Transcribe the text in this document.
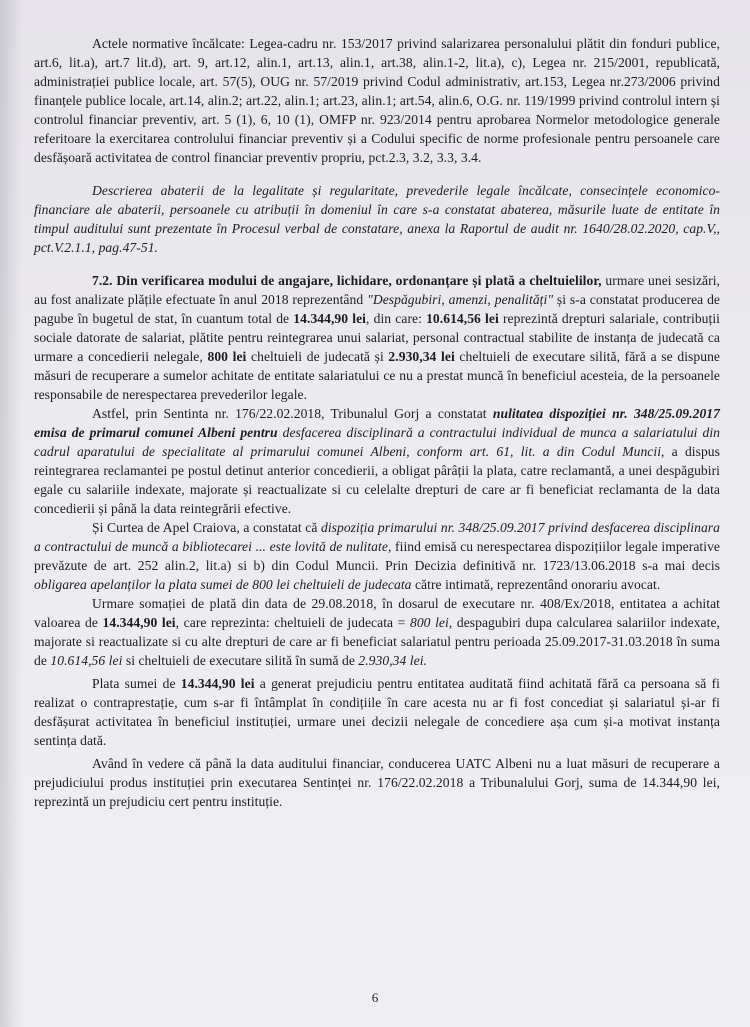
Actele normative încălcate: Legea-cadru nr. 153/2017 privind salarizarea personalului plătit din fonduri publice, art.6, lit.a), art.7 lit.d), art. 9, art.12, alin.1, art.13, alin.1, art.38, alin.1-2, lit.a), c), Legea nr. 215/2001, republicată, administrației publice locale, art. 57(5), OUG nr. 57/2019 privind Codul administrativ, art.153, Legea nr.273/2006 privind finanțele publice locale, art.14, alin.2; art.22, alin.1; art.23, alin.1; art.54, alin.6, O.G. nr. 119/1999 privind controlul intern și controlul financiar preventiv, art. 5 (1), 6, 10 (1), OMFP nr. 923/2014 pentru aprobarea Normelor metodologice generale referitoare la exercitarea controlului financiar preventiv și a Codului specific de norme profesionale pentru persoanele care desfășoară activitatea de control financiar preventiv propriu, pct.2.3, 3.2, 3.3, 3.4.

Descrierea abaterii de la legalitate și regularitate, prevederile legale încălcate, consecințele economico-financiare ale abaterii, persoanele cu atribuții în domeniul în care s-a constatat abaterea, măsurile luate de entitate în timpul auditului sunt prezentate în Procesul verbal de constatare, anexa la Raportul de audit nr. 1640/28.02.2020, cap.V,, pct.V.2.1.1, pag.47-51.

7.2. Din verificarea modului de angajare, lichidare, ordonanțare și plată a cheltuielilor, urmare unei sesizări, au fost analizate plățile efectuate în anul 2018 reprezentând "Despăgubiri, amenzi, penalități" și s-a constatat producerea de pagube în bugetul de stat, în cuantum total de 14.344,90 lei, din care: 10.614,56 lei reprezintă drepturi salariale, contribuții sociale datorate de salariat, plătite pentru reintegrarea unui salariat, personal contractual stabilite de instanța de judecată ca urmare a concedierii nelegale, 800 lei cheltuieli de judecată și 2.930,34 lei cheltuieli de executare silită, fără a se dispune măsuri de recuperare a sumelor achitate de entitate salariatului ce nu a prestat muncă în beneficiul acesteia, de la persoanele responsabile de nerespectarea prevederilor legale.

Astfel, prin Sentinta nr. 176/22.02.2018, Tribunalul Gorj a constatat nulitatea dispoziției nr. 348/25.09.2017 emisa de primarul comunei Albeni pentru desfacerea disciplinară a contractului individual de munca a salariatului din cadrul aparatului de specialitate al primarului comunei Albeni, conform art. 61, lit. a din Codul Muncii, a dispus reintegrarea reclamantei pe postul detinut anterior concedierii, a obligat pârâții la plata, catre reclamantă, a unei despăgubiri egale cu salariile indexate, majorate și reactualizate si cu celelalte drepturi de care ar fi beneficiat reclamanta de la data concedierii și până la data reintegrării efective.

Și Curtea de Apel Craiova, a constatat că dispoziția primarului nr. 348/25.09.2017 privind desfacerea disciplinara a contractului de muncă a bibliotecarei ... este lovită de nulitate, fiind emisă cu nerespectarea dispozițiilor legale imperative prevăzute de art. 252 alin.2, lit.a) si b) din Codul Muncii. Prin Decizia definitivă nr. 1723/13.06.2018 s-a mai decis obligarea apelanților la plata sumei de 800 lei cheltuieli de judecata către intimată, reprezentând onorariu avocat.

Urmare somației de plată din data de 29.08.2018, în dosarul de executare nr. 408/Ex/2018, entitatea a achitat valoarea de 14.344,90 lei, care reprezinta: cheltuieli de judecata = 800 lei, despagubiri dupa calcularea salariilor indexate, majorate si reactualizate si cu alte drepturi de care ar fi beneficiat salariatul pentru perioada 25.09.2017-31.03.2018 în suma de 10.614,56 lei si cheltuieli de executare silită în sumă de 2.930,34 lei.

Plata sumei de 14.344,90 lei a generat prejudiciu pentru entitatea auditată fiind achitată fără ca persoana să fi realizat o contraprestație, cum s-ar fi întâmplat în condițiile în care acesta nu ar fi fost concediat și salariatul și-ar fi desfășurat activitatea în beneficiul instituției, urmare unei decizii nelegale de concediere așa cum și-a motivat instanța sentința dată.

Având în vedere că până la data auditului financiar, conducerea UATC Albeni nu a luat măsuri de recuperare a prejudiciului produs instituției prin executarea Sentinței nr. 176/22.02.2018 a Tribunalului Gorj, suma de 14.344,90 lei, reprezintă un prejudiciu cert pentru instituție.

6
